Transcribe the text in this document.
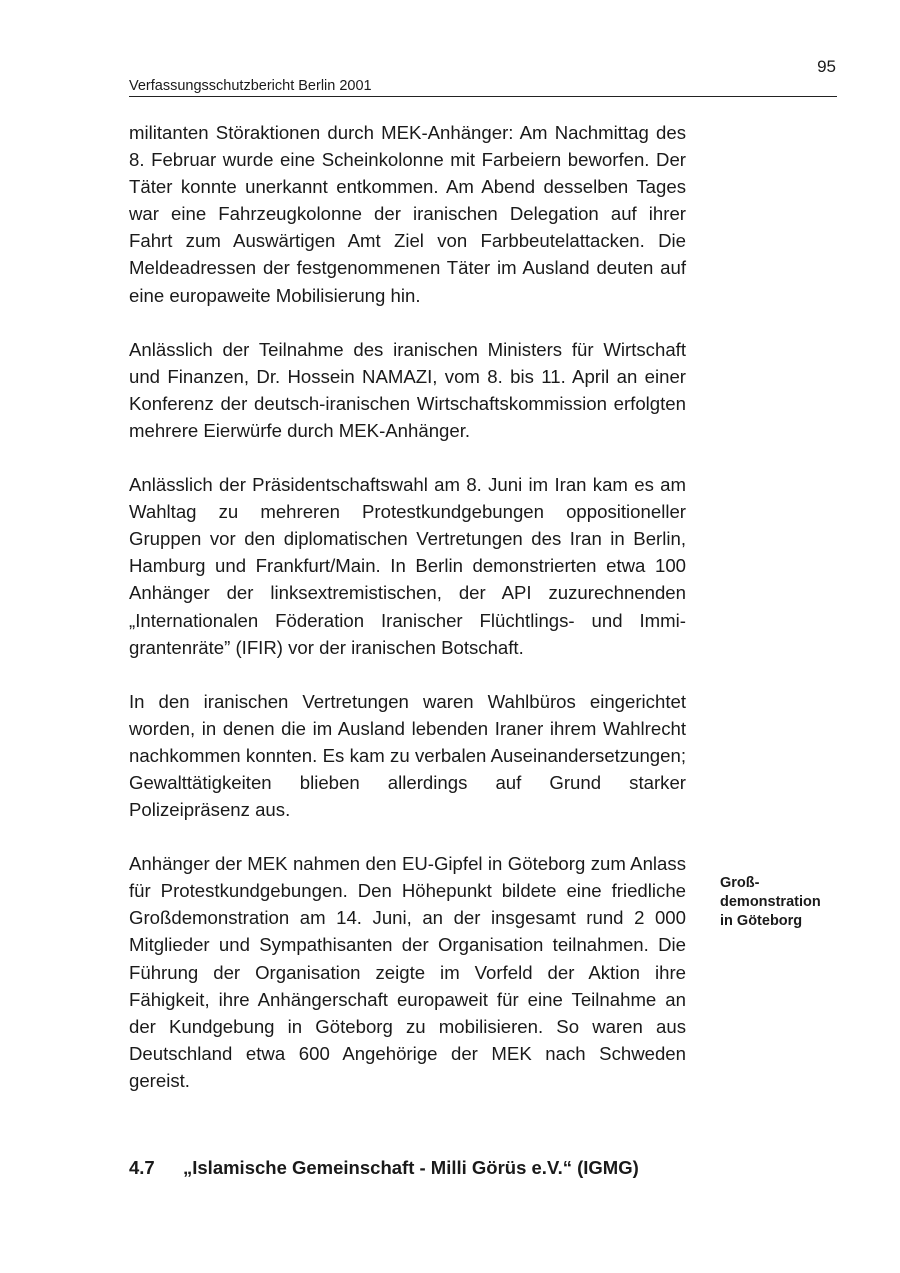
95
Verfassungsschutzbericht Berlin 2001

militanten Störaktionen durch MEK-Anhänger: Am Nachmittag des 8. Februar wurde eine Scheinkolonne mit Farbeiern beworfen. Der Täter konnte unerkannt entkommen. Am Abend desselben Tages war eine Fahrzeugkolonne der iranischen Delegation auf ihrer Fahrt zum Auswärtigen Amt Ziel von Farbbeutelattacken. Die Meldeadressen der festgenommenen Täter im Ausland deuten auf eine europaweite Mobilisierung hin.

Anlässlich der Teilnahme des iranischen Ministers für Wirtschaft und Finanzen, Dr. Hossein NAMAZI, vom 8. bis 11. April an einer Konferenz der deutsch-iranischen Wirtschaftskommission erfolgten mehrere Eierwürfe durch MEK-Anhänger.

Anlässlich der Präsidentschaftswahl am 8. Juni im Iran kam es am Wahltag zu mehreren Protestkundgebungen oppositioneller Gruppen vor den diplomatischen Vertretungen des Iran in Berlin, Hamburg und Frankfurt/Main. In Berlin demonstrierten etwa 100 Anhänger der linksextremistischen, der API zuzurechnenden „Internationalen Föderation Iranischer Flüchtlings- und Immigrantenräte” (IFIR) vor der iranischen Botschaft.

In den iranischen Vertretungen waren Wahlbüros eingerichtet worden, in denen die im Ausland lebenden Iraner ihrem Wahlrecht nachkommen konnten. Es kam zu verbalen Auseinandersetzungen; Gewalttätigkeiten blieben allerdings auf Grund starker Polizeipräsenz aus.

Anhänger der MEK nahmen den EU-Gipfel in Göteborg zum Anlass für Protestkundgebungen. Den Höhepunkt bildete eine friedliche Großdemonstration am 14. Juni, an der insgesamt rund 2 000 Mitglieder und Sympathisanten der Organisation teilnahmen. Die Führung der Organisation zeigte im Vorfeld der Aktion ihre Fähigkeit, ihre Anhängerschaft europaweit für eine Teilnahme an der Kundgebung in Göteborg zu mobilisieren. So waren aus Deutschland etwa 600 Angehörige der MEK nach Schweden gereist.

Groß-
demonstration
in Göteborg
4.7 „Islamische Gemeinschaft - Milli Görüs e.V.“ (IGMG)
